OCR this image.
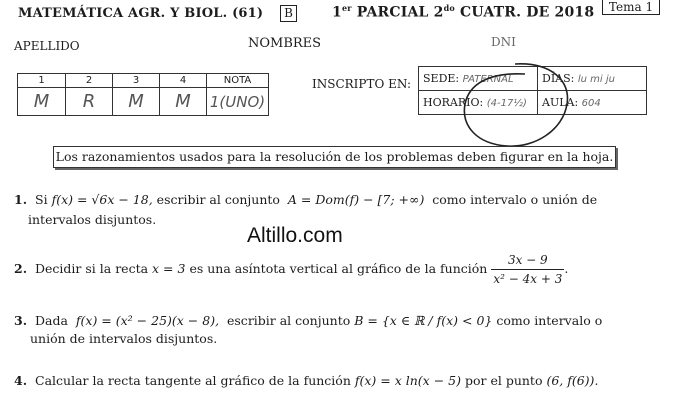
MATEMÁTICA AGR. Y BIOL. (61)	B	1er PARCIAL $2^{do}$ CUATR. DE 2018	Tema 1
APELLIDO	NOMBRES	DNI
1	2	3	4	NOTA
M	R	M	M	1(UNO)
INSCRIPTO EN: SEDE: PATERNAL	DÍAS: lu mi ju
HORARIO: (4-17½)	AULA: 604
Los razonamientos usados para la resolución de los problemas deben figurar en la hoja.
1. Si f(x) = √6x − 18, escribir al conjunto A = Dom(f) − [7; +∞) como intervalo o unión de
intervalos disjuntos.
Altillo.com
2. Decidir si la recta x = 3 es una asíntota vertical al gráfico de la función $\frac{3x - 9}{\text{x² − 4x + 3}}$ .
3. Dada f(x) = (x² − 25)(x − 8), escribir al conjunto B = {x ∈ ℝ / f(x) < 0} como intervalo o
unión de intervalos disjuntos.
4. Calcular la recta tangente al gráfico de la función f(x) = x ln(x − 5) por el punto (6, f(6)).
